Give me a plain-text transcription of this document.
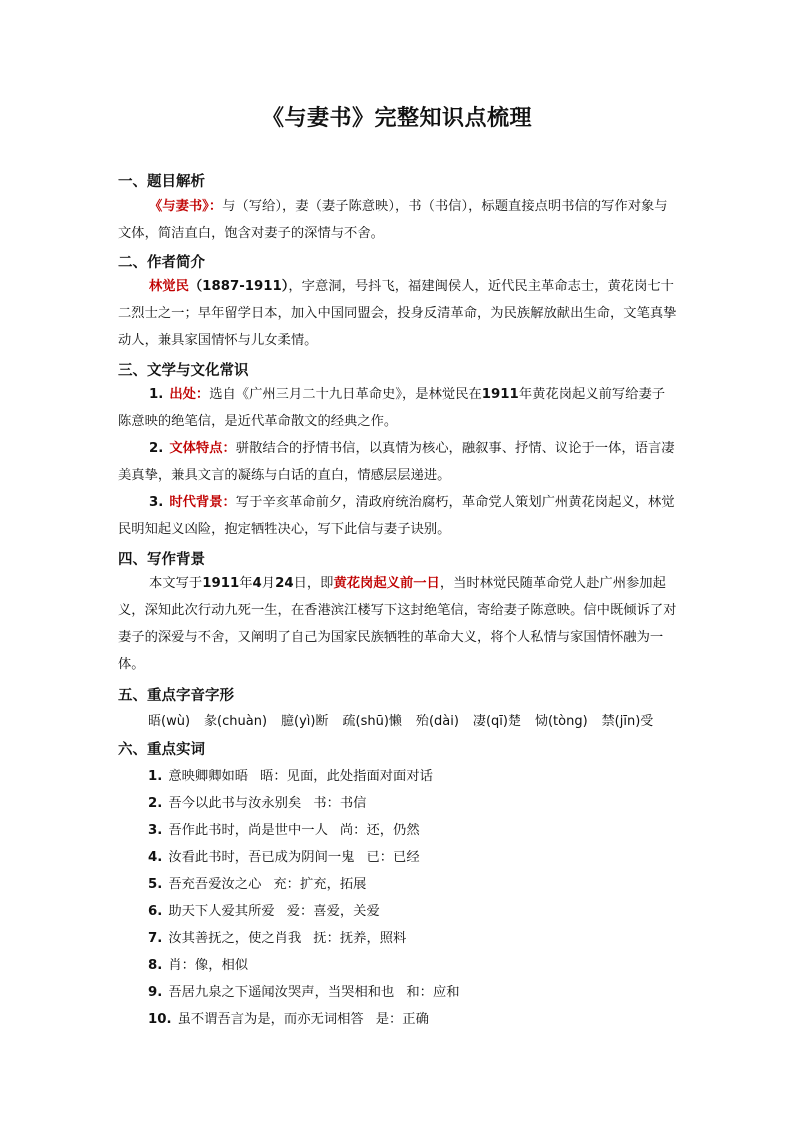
《与妻书》完整知识点梳理
一、题目解析
《与妻书》：与（写给），妻（妻子陈意映），书（书信），标题直接点明书信的写作对象与文体，简洁直白，饱含对妻子的深情与不舍。
二、作者简介
林觉民（1887-1911），字意洞，号抖飞，福建闽侯人，近代民主革命志士，黄花岗七十二烈士之一；早年留学日本，加入中国同盟会，投身反清革命，为民族解放献出生命，文笔真挚动人，兼具家国情怀与儿女柔情。
三、文学与文化常识
1. 出处：选自《广州三月二十九日革命史》，是林觉民在1911年黄花岗起义前写给妻子陈意映的绝笔信，是近代革命散文的经典之作。
2. 文体特点：骈散结合的抒情书信，以真情为核心，融叙事、抒情、议论于一体，语言凄美真挚，兼具文言的凝练与白话的直白，情感层层递进。
3. 时代背景：写于辛亥革命前夕，清政府统治腐朽，革命党人策划广州黄花岗起义，林觉民明知起义凶险，抱定牺牲决心，写下此信与妻子诀别。
四、写作背景
本文写于1911年4月24日，即黄花岗起义前一日，当时林觉民随革命党人赴广州参加起义，深知此次行动九死一生，在香港滨江楼写下这封绝笔信，寄给妻子陈意映。信中既倾诉了对妻子的深爱与不舍，又阐明了自己为国家民族牺牲的革命大义，将个人私情与家国情怀融为一体。
五、重点字音字形
晤(wù) 彖(chuàn) 臆(yì)断 疏(shū)懒 殆(dài) 凄(qī)楚 恸(tòng) 禁(jīn)受
六、重点实词
1. 意映卿卿如晤 晤：见面，此处指面对面对话
2. 吾今以此书与汝永别矣 书：书信
3. 吾作此书时，尚是世中一人 尚：还，仍然
4. 汝看此书时，吾已成为阴间一鬼 已：已经
5. 吾充吾爱汝之心 充：扩充，拓展
6. 助天下人爱其所爱 爱：喜爱，关爱
7. 汝其善抚之，使之肖我 抚：抚养，照料
8. 肖：像，相似
9. 吾居九泉之下遥闻汝哭声，当哭相和也 和：应和
10. 虽不谓吾言为是，而亦无词相答 是：正确
